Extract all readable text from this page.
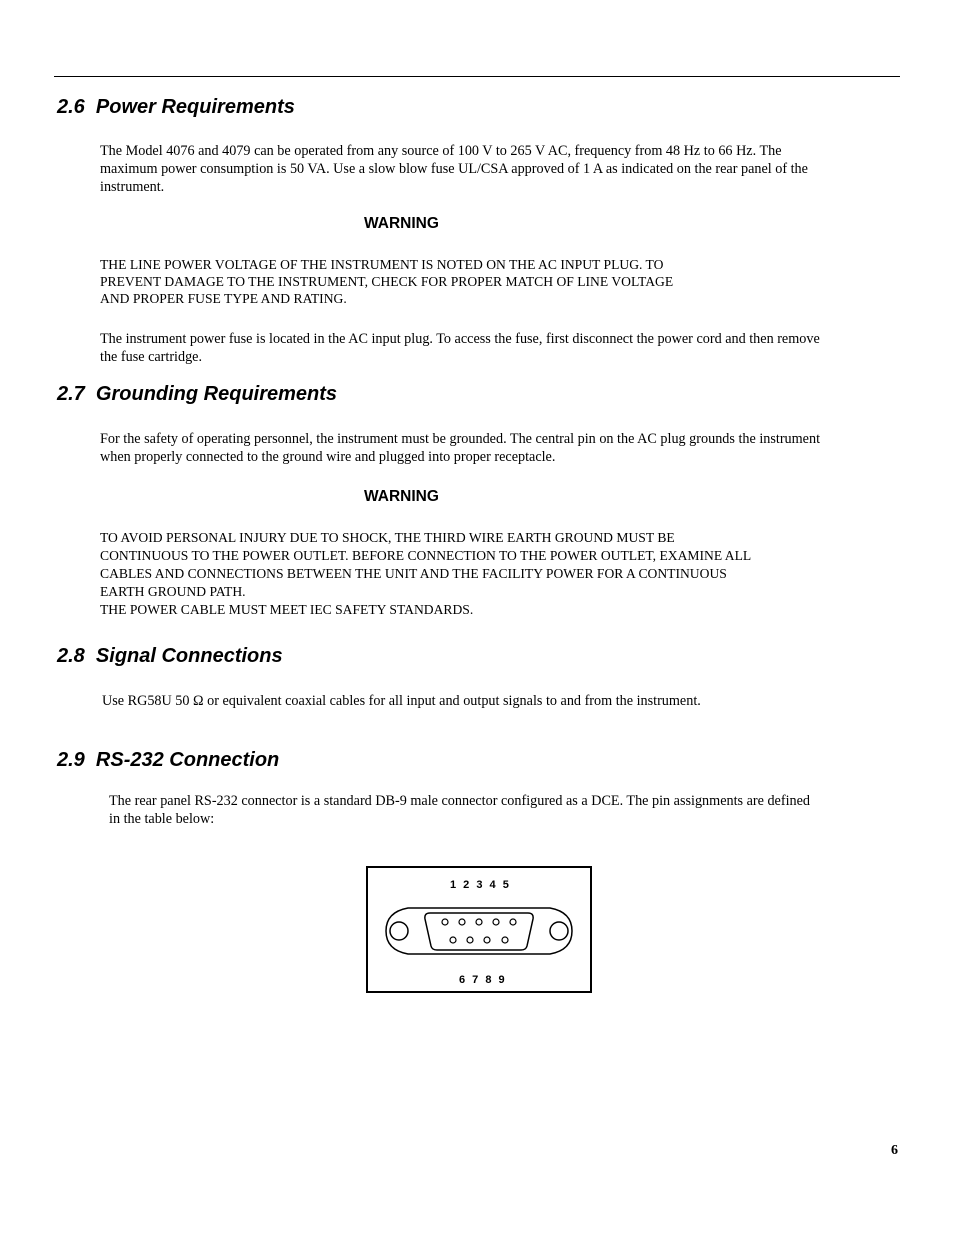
2.6  Power Requirements
The Model 4076 and 4079 can be operated from any source of 100 V to 265 V AC, frequency from 48 Hz to 66 Hz. The
maximum power consumption is 50 VA. Use a slow blow fuse UL/CSA approved of 1 A as indicated on the rear panel of the
instrument.
WARNING
THE LINE POWER VOLTAGE OF THE INSTRUMENT IS NOTED ON THE AC INPUT PLUG. TO
PREVENT DAMAGE TO THE INSTRUMENT, CHECK FOR PROPER MATCH OF LINE VOLTAGE
AND PROPER FUSE TYPE AND RATING.
The instrument power fuse is located in the AC input plug. To access the fuse, first disconnect the power cord and then remove
the fuse cartridge.
2.7  Grounding Requirements
For the safety of operating personnel, the instrument must be grounded. The central pin on the AC plug grounds the instrument
when properly connected to the ground wire and plugged into proper receptacle.
WARNING
TO AVOID PERSONAL INJURY DUE TO SHOCK, THE THIRD WIRE EARTH GROUND MUST BE
CONTINUOUS TO THE POWER OUTLET. BEFORE CONNECTION TO THE POWER OUTLET, EXAMINE ALL
CABLES AND CONNECTIONS BETWEEN THE UNIT AND THE FACILITY POWER FOR A CONTINUOUS
EARTH GROUND PATH.
THE POWER CABLE MUST MEET IEC SAFETY STANDARDS.
2.8  Signal Connections
Use RG58U 50 Ω or equivalent coaxial cables for all input and output signals to and from the instrument.
2.9  RS-232 Connection
The rear panel RS-232 connector is a standard DB-9 male connector configured as a DCE. The pin assignments are defined
in the table below:
1 2 3 4 5
6 7 8 9
6
